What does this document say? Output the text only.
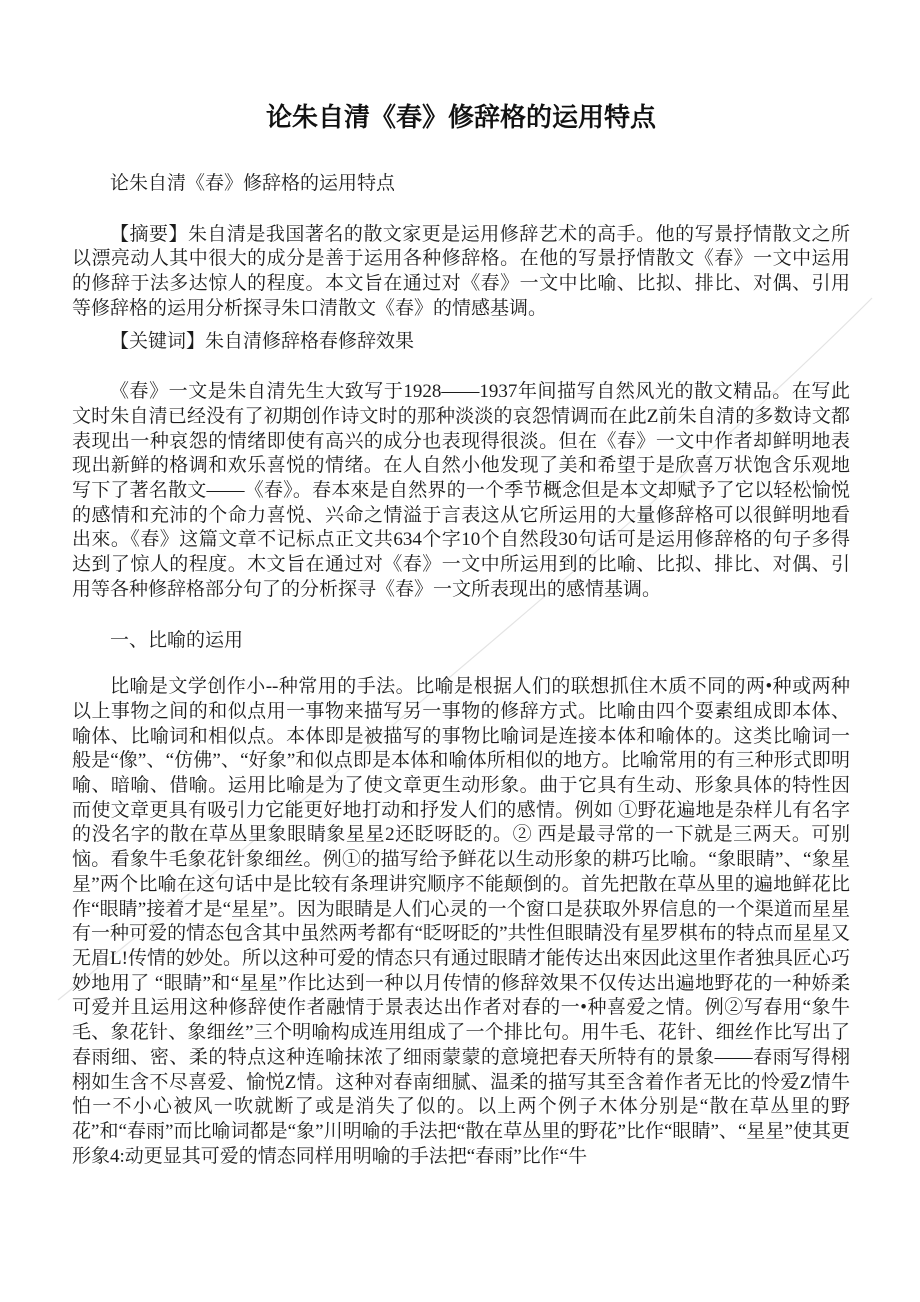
论朱自清《春》修辞格的运用特点

论朱自清《春》修辞格的运用特点

【摘要】朱自清是我国著名的散文家更是运用修辞艺术的高手。他的写景抒情散文之所以漂亮动人其中很大的成分是善于运用各种修辞格。在他的写景抒情散文《春》一文中运用的修辞于法多达惊人的程度。本文旨在通过对《春》一文中比喻、比拟、排比、对偶、引用等修辞格的运用分析探寻朱口清散文《春》的情感基调。

【关键词】朱自清修辞格春修辞效果

《春》一文是朱自清先生大致写于1928——1937年间描写自然风光的散文精品。在写此文时朱自清已经没有了初期创作诗文时的那种淡淡的哀怨情调而在此Z前朱自清的多数诗文都表现出一种哀怨的情绪即使有高兴的成分也表现得很淡。但在《春》一文中作者却鲜明地表现出新鲜的格调和欢乐喜悦的情绪。在人自然小他发现了美和希望于是欣喜万状饱含乐观地写下了著名散文——《春》。春本來是自然界的一个季节概念但是本文却赋予了它以轻松愉悦的感情和充沛的个命力喜悦、兴命之情溢于言表这从它所运用的大量修辞格可以很鲜明地看出來。《春》这篇文章不记标点正文共634个字10个自然段30句话可是运用修辞格的句子多得达到了惊人的程度。木文旨在通过对《春》一文中所运用到的比喻、比拟、排比、对偶、引用等各种修辞格部分句了的分析探寻《春》一文所表现出的感情基调。

一、比喻的运用

比喻是文学创作小--种常用的手法。比喻是根据人们的联想抓住木质不同的两•种或两种以上事物之间的和似点用一事物来描写另一事物的修辞方式。比喻由四个耍素组成即本体、喻体、比喻词和相似点。本体即是被描写的事物比喻词是连接本体和喻体的。这类比喻词一般是“像”、“仿佛”、“好象”和似点即是本体和喻体所相似的地方。比喻常用的有三种形式即明喻、暗喻、借喻。运用比喻是为了使文章更生动形象。曲于它具有生动、形象具体的特性因而使文章更具有吸引力它能更好地打动和抒发人们的感情。例如 ①野花遍地是杂样儿有名字的没名字的散在草丛里象眼睛象星星2还眨呀眨的。② 西是最寻常的一下就是三两天。可别恼。看象牛毛象花针象细丝。例①的描写给予鲜花以生动形象的耕巧比喻。“象眼睛”、“象星星”两个比喻在这句话中是比较有条理讲究顺序不能颠倒的。首先把散在草丛里的遍地鲜花比作“眼睛”接着才是“星星”。因为眼睛是人们心灵的一个窗口是获取外界信息的一个渠道而星星有一种可爱的情态包含其中虽然两考都有“眨呀眨的”共性但眼睛没有星罗棋布的特点而星星又无眉L!传情的妙处。所以这种可爱的情态只有通过眼睛才能传达出來因此这里作者独具匠心巧妙地用了 “眼睛”和“星星”作比达到一种以月传情的修辞效果不仅传达出遍地野花的一种娇柔可爱并且运用这种修辞使作者融情于景表达出作者对春的一•种喜爱之情。例②写春用“象牛毛、象花针、象细丝”三个明喻构成连用组成了一个排比句。用牛毛、花针、细丝作比写出了春雨细、密、柔的特点这种连喻抹浓了细雨蒙蒙的意境把春天所特有的景象——春雨写得栩栩如生含不尽喜爱、愉悦Z情。这种对春南细腻、温柔的描写其至含着作者无比的怜爱Z情牛怕一不小心被风一吹就断了或是消失了似的。以上两个例子木体分别是“散在草丛里的野花”和“春雨”而比喻词都是“象”川明喻的手法把“散在草丛里的野花”比作“眼睛”、“星星”使其更形象4:动更显其可爱的情态同样用明喻的手法把“春雨”比作“牛
